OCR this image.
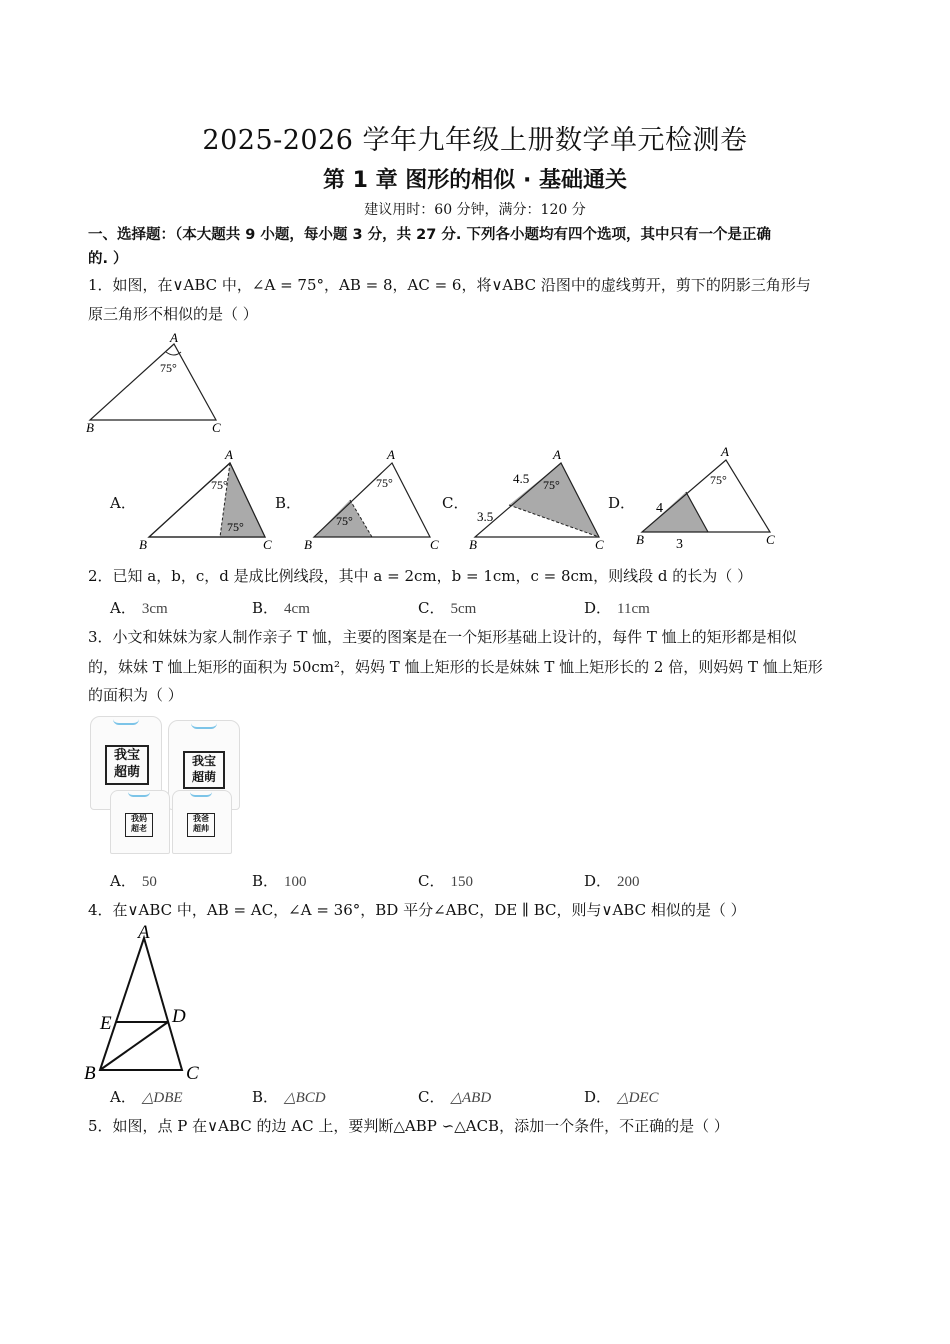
2025-2026 学年九年级上册数学单元检测卷
第 1 章 图形的相似 · 基础通关
建议用时：60 分钟，满分：120 分
一、选择题：（本大题共 9 小题，每小题 3 分，共 27 分. 下列各小题均有四个选项，其中只有一个是正确
的. ）
1．如图，在∨ABC 中，∠A = 75°，AB = 8，AC = 6，将∨ABC 沿图中的虚线剪开，剪下的阴影三角形与
原三角形不相似的是（ ）
A
75°
B	C
A．
A
75°
75°
B	C
B．
A
75°
75°
B	C
C．
A
75°
4.5
3.5
B	C
D．
A
75°
4
3
B	C
2．已知 a，b，c，d 是成比例线段，其中 a = 2cm，b = 1cm，c = 8cm，则线段 d 的长为（ ）
A． 3cm	B． 4cm	C． 5cm	D． 11cm
3．小文和妹妹为家人制作亲子 T 恤，主要的图案是在一个矩形基础上设计的，每件 T 恤上的矩形都是相似
的，妹妹 T 恤上矩形的面积为 50cm²，妈妈 T 恤上矩形的长是妹妹 T 恤上矩形长的 2 倍，则妈妈 T 恤上矩形
的面积为（ ）
我宝
超萌
我宝
超萌
我妈
超老
我爸
超帅
A． 50	B． 100	C． 150	D． 200
4．在∨ABC 中，AB = AC，∠A = 36°，BD 平分∠ABC，DE ∥ BC，则与∨ABC 相似的是（ ）
A
E	D
B	C
A． △DBE	B． △BCD	C． △ABD	D． △DEC
5．如图，点 P 在∨ABC 的边 AC 上，要判断△ABP ∽△ACB，添加一个条件，不正确的是（ ）
